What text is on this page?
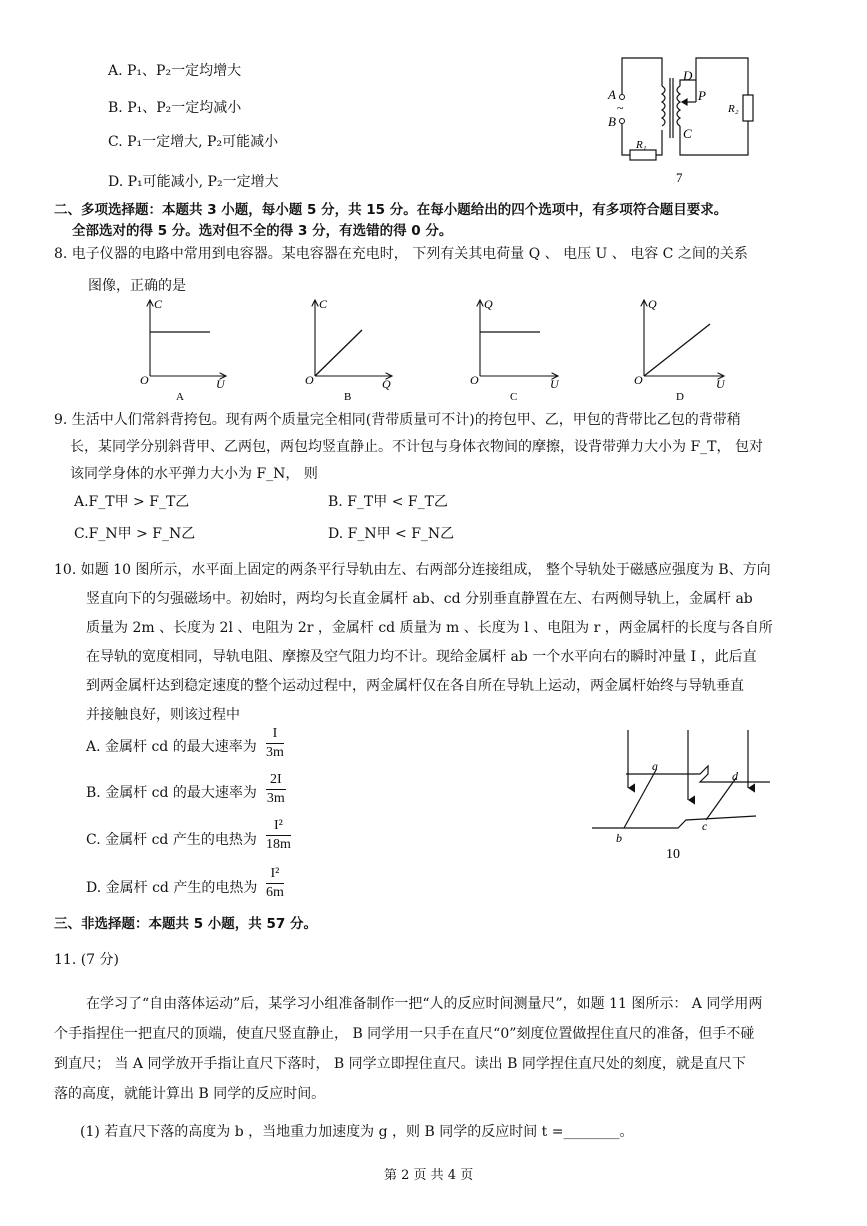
A. P₁、P₂一定均增大
B. P₁、P₂一定均减小
C. P₁一定增大, P₂可能减小
D. P₁可能减小, P₂一定增大
A
B
~
D
P
C
R₁
R₂
7
二、多项选择题：本题共 3 小题，每小题 5 分，共 15 分。在每小题给出的四个选项中，有多项符合题目要求。
全部选对的得 5 分。选对但不全的得 3 分，有选错的得 0 分。
8. 电子仪器的电路中常用到电容器。某电容器在充电时， 下列有关其电荷量 Q 、 电压 U 、 电容 C 之间的关系
图像，正确的是
C
O	U
A
C
O	Q
B
Q
O	U
C
Q
O	U
D
9. 生活中人们常斜背挎包。现有两个质量完全相同(背带质量可不计)的挎包甲、乙，甲包的背带比乙包的背带稍
长，某同学分别斜背甲、乙两包，两包均竖直静止。不计包与身体衣物间的摩擦，设背带弹力大小为 F_T， 包对
该同学身体的水平弹力大小为 F_N， 则
A.F_T甲 > F_T乙	B. F_T甲 < F_T乙
C.F_N甲 > F_N乙	D. F_N甲 < F_N乙
10. 如题 10 图所示，水平面上固定的两条平行导轨由左、右两部分连接组成， 整个导轨处于磁感应强度为 B、方向
竖直向下的匀强磁场中。初始时，两均匀长直金属杆 ab、cd 分别垂直静置在左、右两侧导轨上，金属杆 ab
质量为 2m 、长度为 2l 、电阻为 2r ，金属杆 cd 质量为 m 、长度为 l 、电阻为 r ，两金属杆的长度与各自所
在导轨的宽度相同，导轨电阻、摩擦及空气阻力均不计。现给金属杆 ab 一个水平向右的瞬时冲量 I ，此后直
到两金属杆达到稳定速度的整个运动过程中，两金属杆仅在各自所在导轨上运动，两金属杆始终与导轨垂直
并接触良好，则该过程中
A. 金属杆 cd 的最大速率为
I
3m
B. 金属杆 cd 的最大速率为
2I
3m
C. 金属杆 cd 产生的电热为
I²
18m
D. 金属杆 cd 产生的电热为
I²
6m
a
b
c
d
10
三、非选择题：本题共 5 小题，共 57 分。
11. (7 分)
在学习了“自由落体运动”后，某学习小组准备制作一把“人的反应时间测量尺”，如题 11 图所示： A 同学用两
个手指捏住一把直尺的顶端，使直尺竖直静止， B 同学用一只手在直尺“0”刻度位置做捏住直尺的准备，但手不碰
到直尺； 当 A 同学放开手指让直尺下落时， B 同学立即捏住直尺。读出 B 同学捏住直尺处的刻度，就是直尺下
落的高度，就能计算出 B 同学的反应时间。
(1) 若直尺下落的高度为 b ，当地重力加速度为 g ，则 B 同学的反应时间 t =________。
第 2 页 共 4 页
